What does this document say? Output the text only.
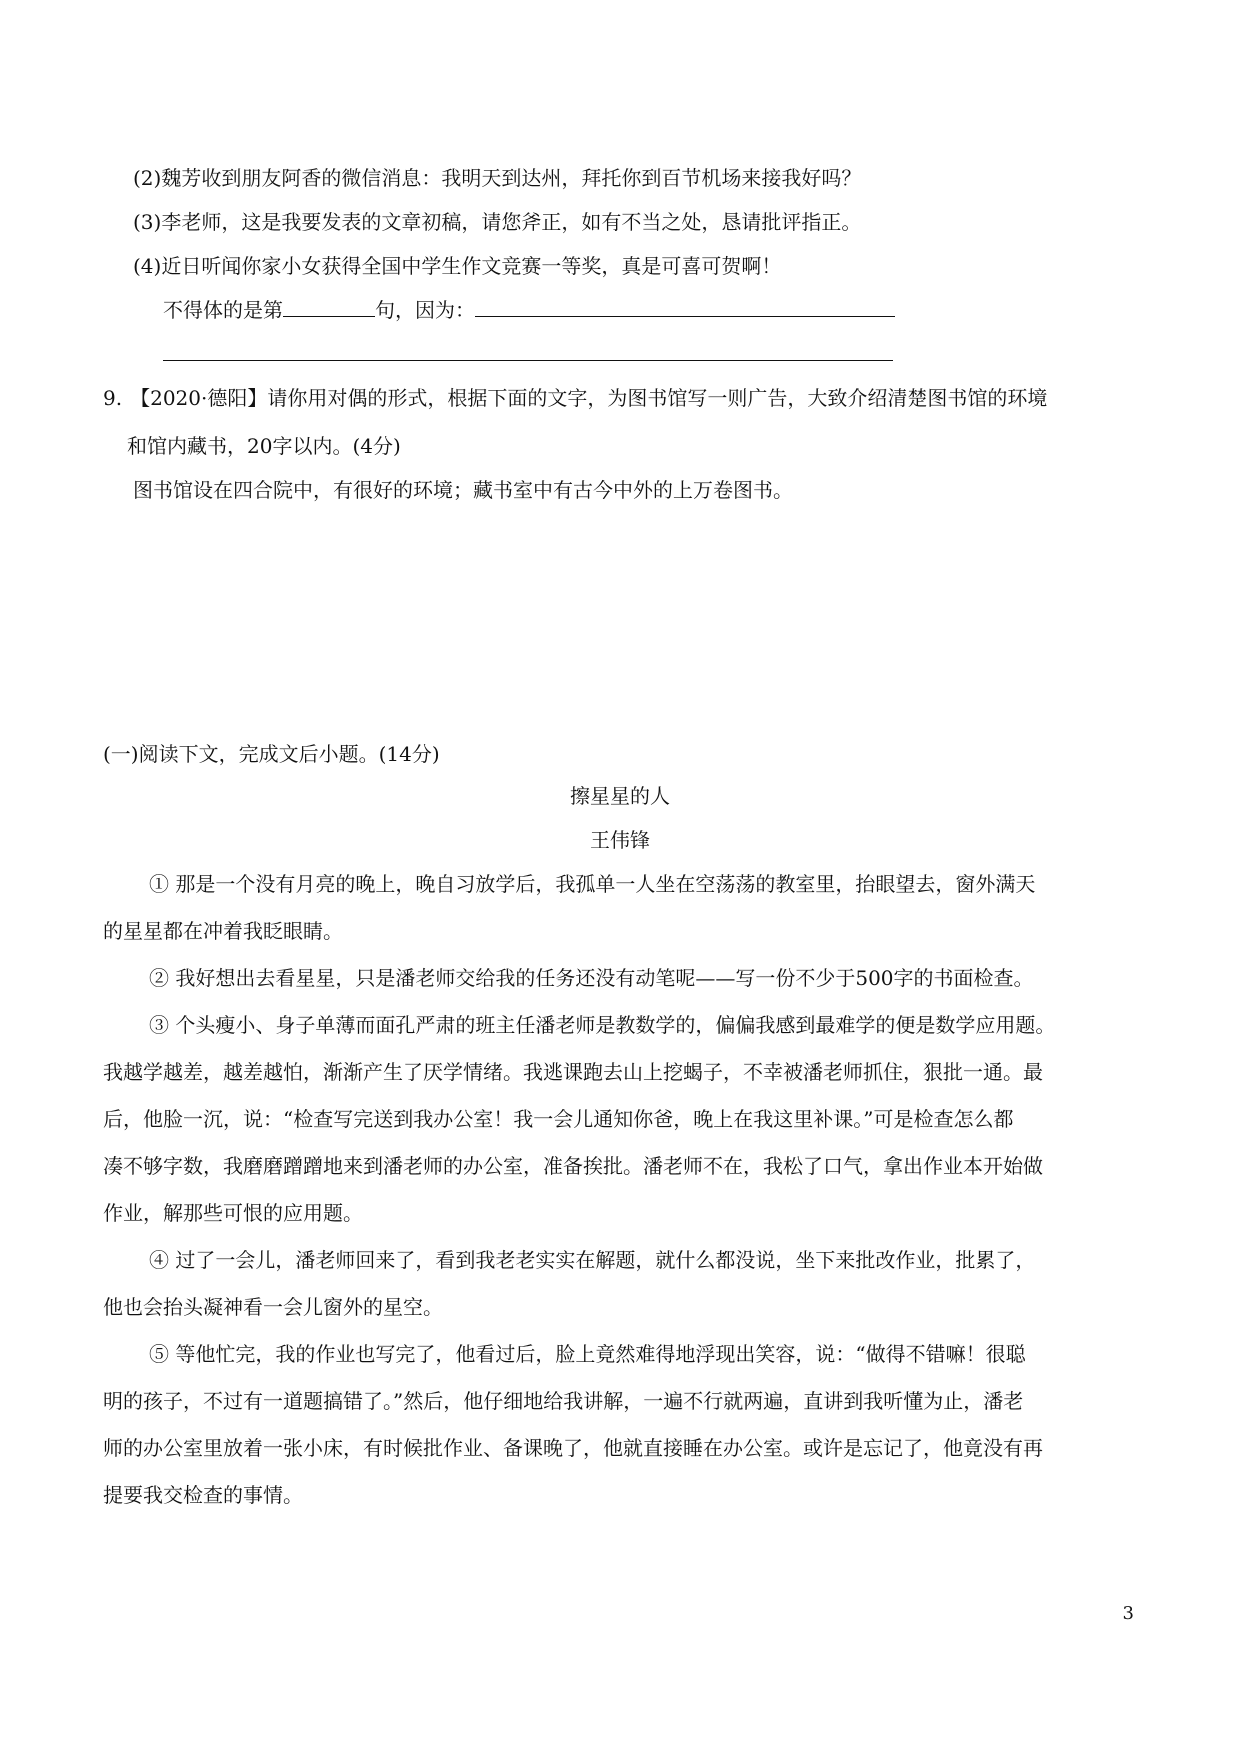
(2)魏芳收到朋友阿香的微信消息：我明天到达州，拜托你到百节机场来接我好吗？
(3)李老师，这是我要发表的文章初稿，请您斧正，如有不当之处，恳请批评指正。
(4)近日听闻你家小女获得全国中学生作文竞赛一等奖，真是可喜可贺啊！
不得体的是第	句，因为：
9. 【2020·德阳】请你用对偶的形式，根据下面的文字，为图书馆写一则广告，大致介绍清楚图书馆的环境
和馆内藏书，20字以内。(4分)
图书馆设在四合院中，有很好的环境；藏书室中有古今中外的上万卷图书。
(一)阅读下文，完成文后小题。(14分)
擦星星的人
王伟锋
① 那是一个没有月亮的晚上，晚自习放学后，我孤单一人坐在空荡荡的教室里，抬眼望去，窗外满天
的星星都在冲着我眨眼睛。
② 我好想出去看星星，只是潘老师交给我的任务还没有动笔呢——写一份不少于500字的书面检查。
③ 个头瘦小、身子单薄而面孔严肃的班主任潘老师是教数学的，偏偏我感到最难学的便是数学应用题。
我越学越差，越差越怕，渐渐产生了厌学情绪。我逃课跑去山上挖蝎子，不幸被潘老师抓住，狠批一通。最
后，他脸一沉，说：“检查写完送到我办公室！我一会儿通知你爸，晚上在我这里补课。”可是检查怎么都
凑不够字数，我磨磨蹭蹭地来到潘老师的办公室，准备挨批。潘老师不在，我松了口气，拿出作业本开始做
作业，解那些可恨的应用题。
④ 过了一会儿，潘老师回来了，看到我老老实实在解题，就什么都没说，坐下来批改作业，批累了，
他也会抬头凝神看一会儿窗外的星空。
⑤ 等他忙完，我的作业也写完了，他看过后，脸上竟然难得地浮现出笑容，说：“做得不错嘛！很聪
明的孩子，不过有一道题搞错了。”然后，他仔细地给我讲解，一遍不行就两遍，直讲到我听懂为止，潘老
师的办公室里放着一张小床，有时候批作业、备课晚了，他就直接睡在办公室。或许是忘记了，他竟没有再
提要我交检查的事情。
3
